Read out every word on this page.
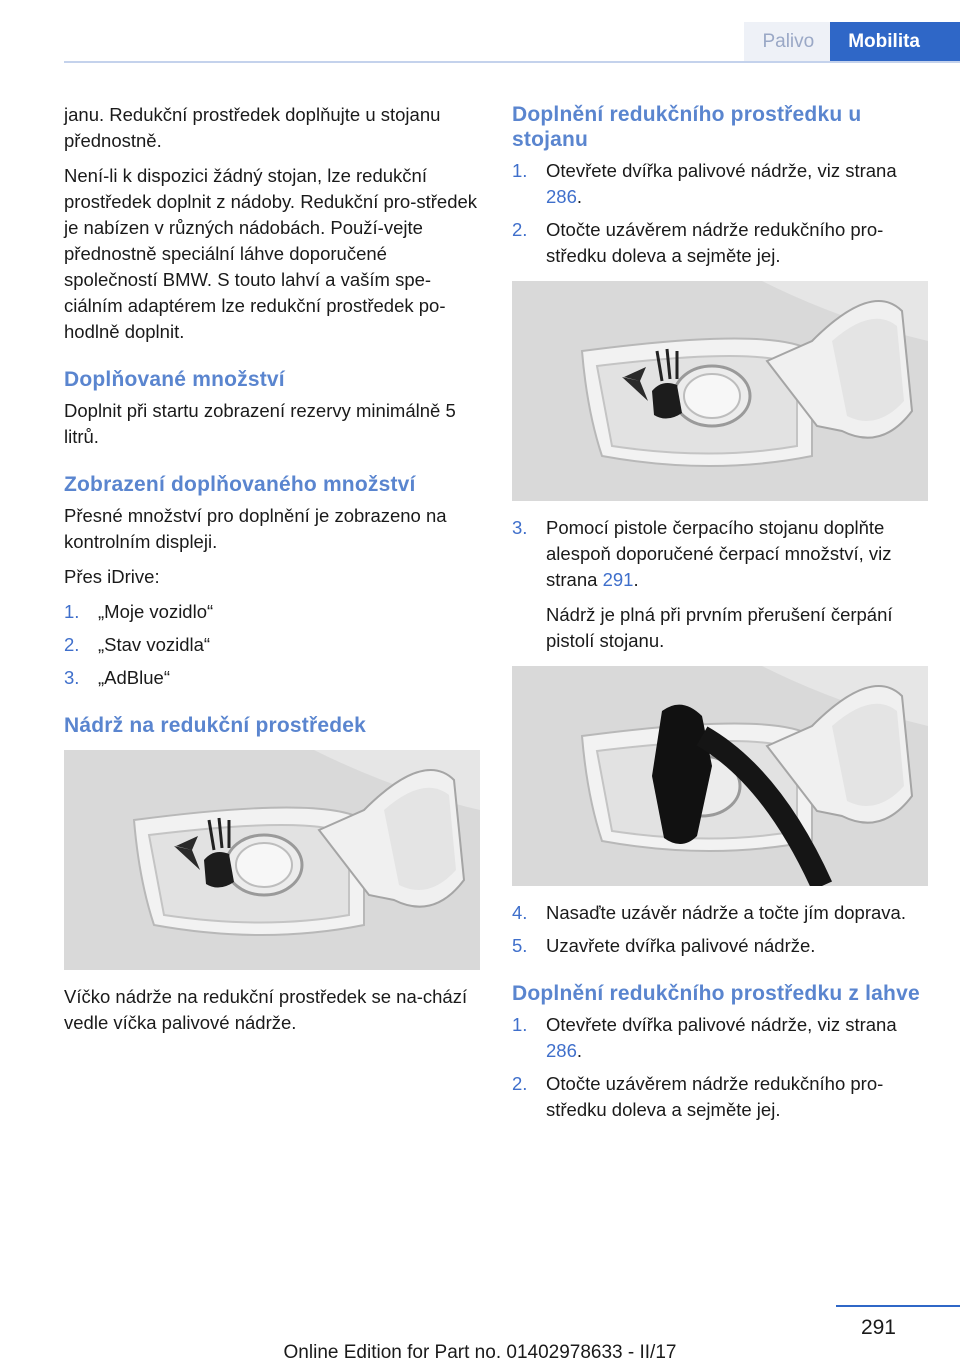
Palivo	Mobilita

janu. Redukční prostředek doplňujte u stojanu přednostně.

Není-li k dispozici žádný stojan, lze redukční prostředek doplnit z nádoby. Redukční pro‐středek je nabízen v různých nádobách. Použí‐vejte přednostně speciální láhve doporučené společností BMW. S touto lahví a vaším spe‐ciálním adaptérem lze redukční prostředek po‐hodlně doplnit.

Doplňované množství

Doplnit při startu zobrazení rezervy minimálně 5 litrů.

Zobrazení doplňovaného množství

Přesné množství pro doplnění je zobrazeno na kontrolním displeji.

Přes iDrive:

1. „Moje vozidlo“
2. „Stav vozidla“
3. „AdBlue“
Nádrž na redukční prostředek

Víčko nádrže na redukční prostředek se na‐chází vedle víčka palivové nádrže.

Doplnění redukčního prostředku u stojanu
1. Otevřete dvířka palivové nádrže, viz strana 286.
2. Otočte uzávěrem nádrže redukčního pro‐středku doleva a sejměte jej.
3. Pomocí pistole čerpacího stojanu doplňte alespoň doporučené čerpací množství, viz strana 291.

Nádrž je plná při prvním přerušení čerpání pistolí stojanu.

4. Nasaďte uzávěr nádrže a točte jím doprava.
5. Uzavřete dvířka palivové nádrže.
Doplnění redukčního prostředku z lahve
1. Otevřete dvířka palivové nádrže, viz strana 286.
2. Otočte uzávěrem nádrže redukčního pro‐středku doleva a sejměte jej.
291
Online Edition for Part no. 01402978633 - II/17
